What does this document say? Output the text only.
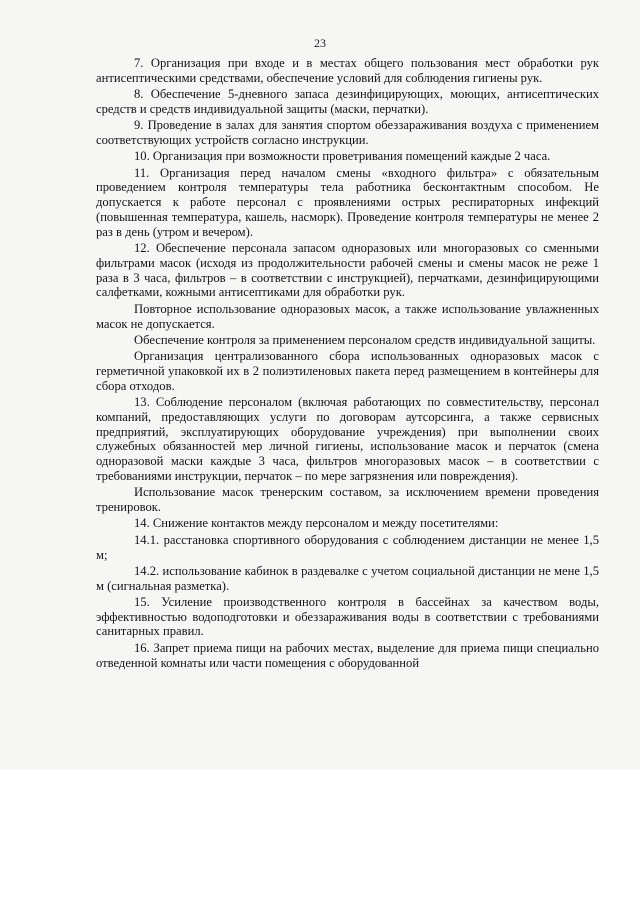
23

7. Организация при входе и в местах общего пользования мест обработки рук антисептическими средствами, обеспечение условий для соблюдения гигиены рук.

8. Обеспечение 5-дневного запаса дезинфицирующих, моющих, антисептических средств и средств индивидуальной защиты (маски, перчатки).

9. Проведение в залах для занятия спортом обеззараживания воздуха с применением соответствующих устройств согласно инструкции.

10. Организация при возможности проветривания помещений каждые 2 часа.

11. Организация перед началом смены «входного фильтра» с обязательным проведением контроля температуры тела работника бесконтактным способом. Не допускается к работе персонал с проявлениями острых респираторных инфекций (повышенная температура, кашель, насморк). Проведение контроля температуры не менее 2 раз в день (утром и вечером).

12. Обеспечение персонала запасом одноразовых или многоразовых со сменными фильтрами масок (исходя из продолжительности рабочей смены и смены масок не реже 1 раза в 3 часа, фильтров – в соответствии с инструкцией), перчатками, дезинфицирующими салфетками, кожными антисептиками для обработки рук.

Повторное использование одноразовых масок, а также использование увлажненных масок не допускается.

Обеспечение контроля за применением персоналом средств индивидуальной защиты.

Организация централизованного сбора использованных одноразовых масок с герметичной упаковкой их в 2 полиэтиленовых пакета перед размещением в контейнеры для сбора отходов.

13. Соблюдение персоналом (включая работающих по совместительству, персонал компаний, предоставляющих услуги по договорам аутсорсинга, а также сервисных предприятий, эксплуатирующих оборудование учреждения) при выполнении своих служебных обязанностей мер личной гигиены, использование масок и перчаток (смена одноразовой маски каждые 3 часа, фильтров многоразовых масок – в соответствии с требованиями инструкции, перчаток – по мере загрязнения или повреждения).

Использование масок тренерским составом, за исключением времени проведения тренировок.

14. Снижение контактов между персоналом и между посетителями:

14.1. расстановка спортивного оборудования с соблюдением дистанции не менее 1,5 м;

14.2. использование кабинок в раздевалке с учетом социальной дистанции не мене 1,5 м (сигнальная разметка).

15. Усиление производственного контроля в бассейнах за качеством воды, эффективностью водоподготовки и обеззараживания воды в соответствии с требованиями санитарных правил.

16. Запрет приема пищи на рабочих местах, выделение для приема пищи специально отведенной комнаты или части помещения с оборудованной
